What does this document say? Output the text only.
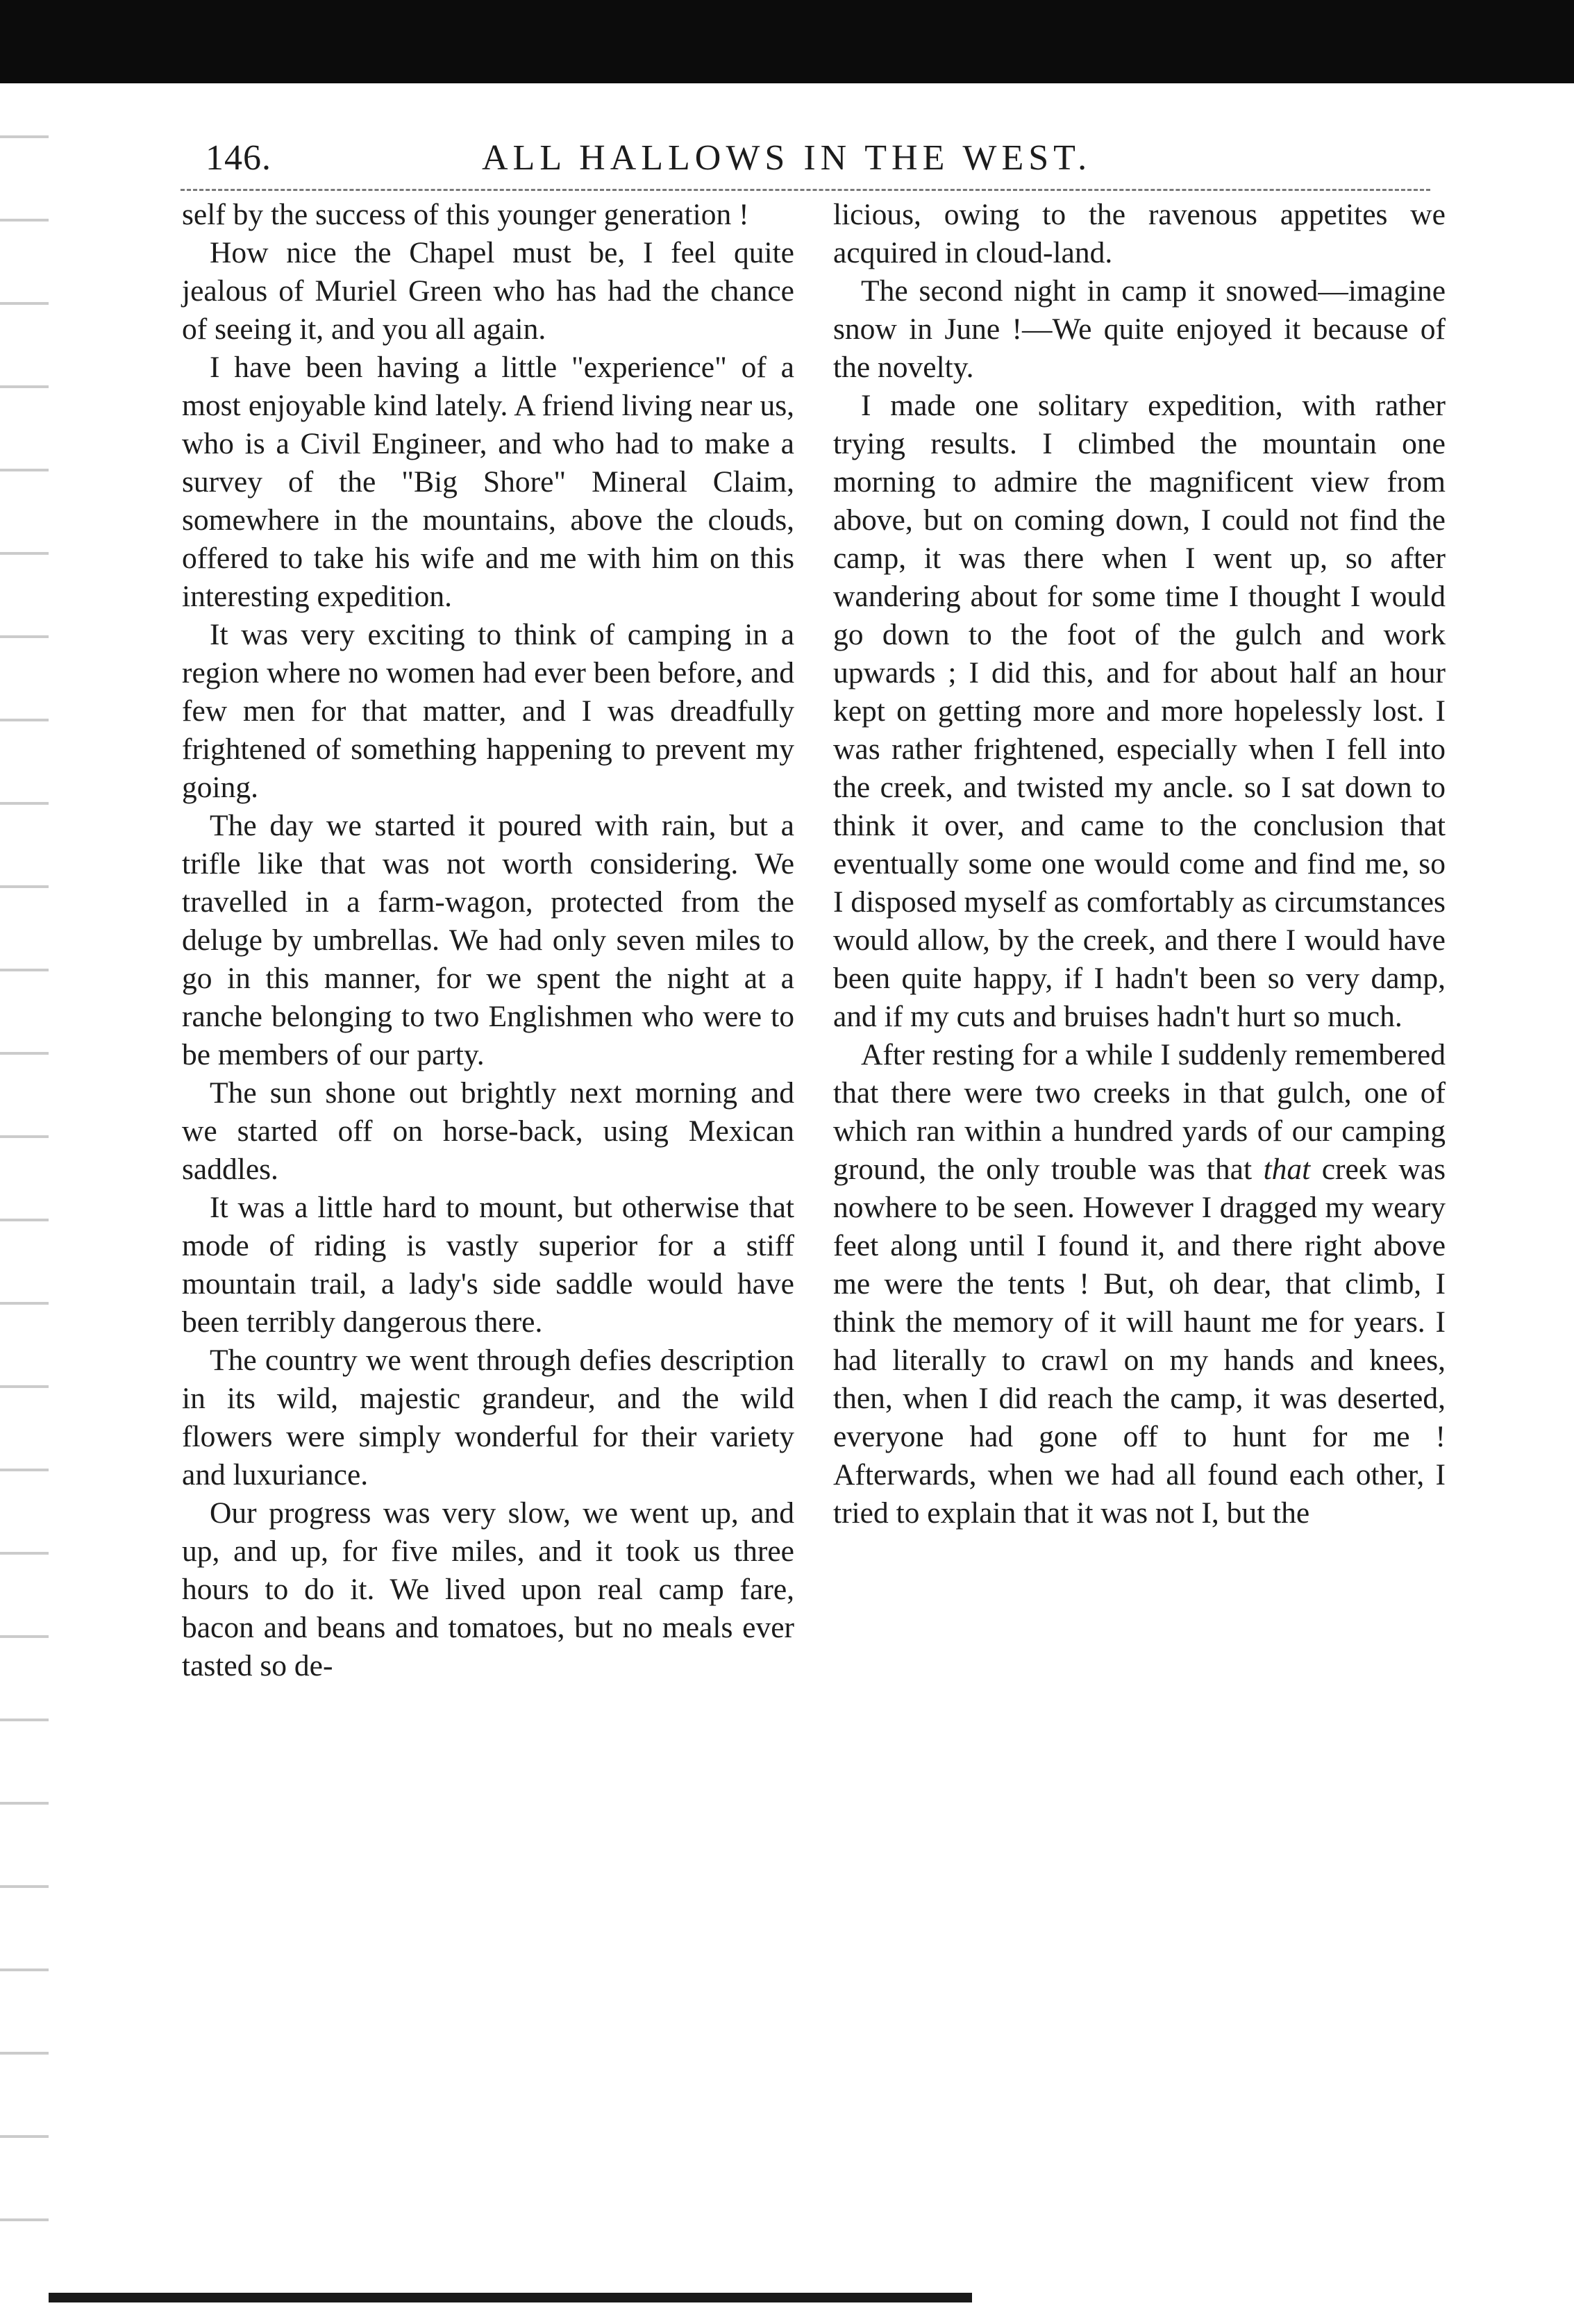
146.	ALL HALLOWS IN THE WEST.

self by the success of this younger generation !

How nice the Chapel must be, I feel quite jealous of Muriel Green who has had the chance of seeing it, and you all again.

I have been having a little "experience" of a most enjoyable kind lately. A friend living near us, who is a Civil Engineer, and who had to make a survey of the "Big Shore" Mineral Claim, somewhere in the mountains, above the clouds, offered to take his wife and me with him on this interesting expedition.

It was very exciting to think of camping in a region where no women had ever been before, and few men for that matter, and I was dreadfully frightened of something happening to prevent my going.

The day we started it poured with rain, but a trifle like that was not worth considering. We travelled in a farm-wagon, protected from the deluge by umbrellas. We had only seven miles to go in this manner, for we spent the night at a ranche belonging to two Englishmen who were to be members of our party.

The sun shone out brightly next morning and we started off on horse-back, using Mexican saddles.

It was a little hard to mount, but otherwise that mode of riding is vastly superior for a stiff mountain trail, a lady's side saddle would have been terribly dangerous there.

The country we went through defies description in its wild, majestic grandeur, and the wild flowers were simply wonderful for their variety and luxuriance.

Our progress was very slow, we went up, and up, and up, for five miles, and it took us three hours to do it. We lived upon real camp fare, bacon and beans and tomatoes, but no meals ever tasted so de-

licious, owing to the ravenous appetites we acquired in cloud-land.

The second night in camp it snowed—imagine snow in June !—We quite enjoyed it because of the novelty.

I made one solitary expedition, with rather trying results. I climbed the mountain one morning to admire the magnificent view from above, but on coming down, I could not find the camp, it was there when I went up, so after wandering about for some time I thought I would go down to the foot of the gulch and work upwards ; I did this, and for about half an hour kept on getting more and more hopelessly lost. I was rather frightened, especially when I fell into the creek, and twisted my ancle. so I sat down to think it over, and came to the conclusion that eventually some one would come and find me, so I disposed myself as comfortably as circumstances would allow, by the creek, and there I would have been quite happy, if I hadn't been so very damp, and if my cuts and bruises hadn't hurt so much.

After resting for a while I suddenly remembered that there were two creeks in that gulch, one of which ran within a hundred yards of our camping ground, the only trouble was that that creek was nowhere to be seen. However I dragged my weary feet along until I found it, and there right above me were the tents ! But, oh dear, that climb, I think the memory of it will haunt me for years. I had literally to crawl on my hands and knees, then, when I did reach the camp, it was deserted, everyone had gone off to hunt for me ! Afterwards, when we had all found each other, I tried to explain that it was not I, but the
